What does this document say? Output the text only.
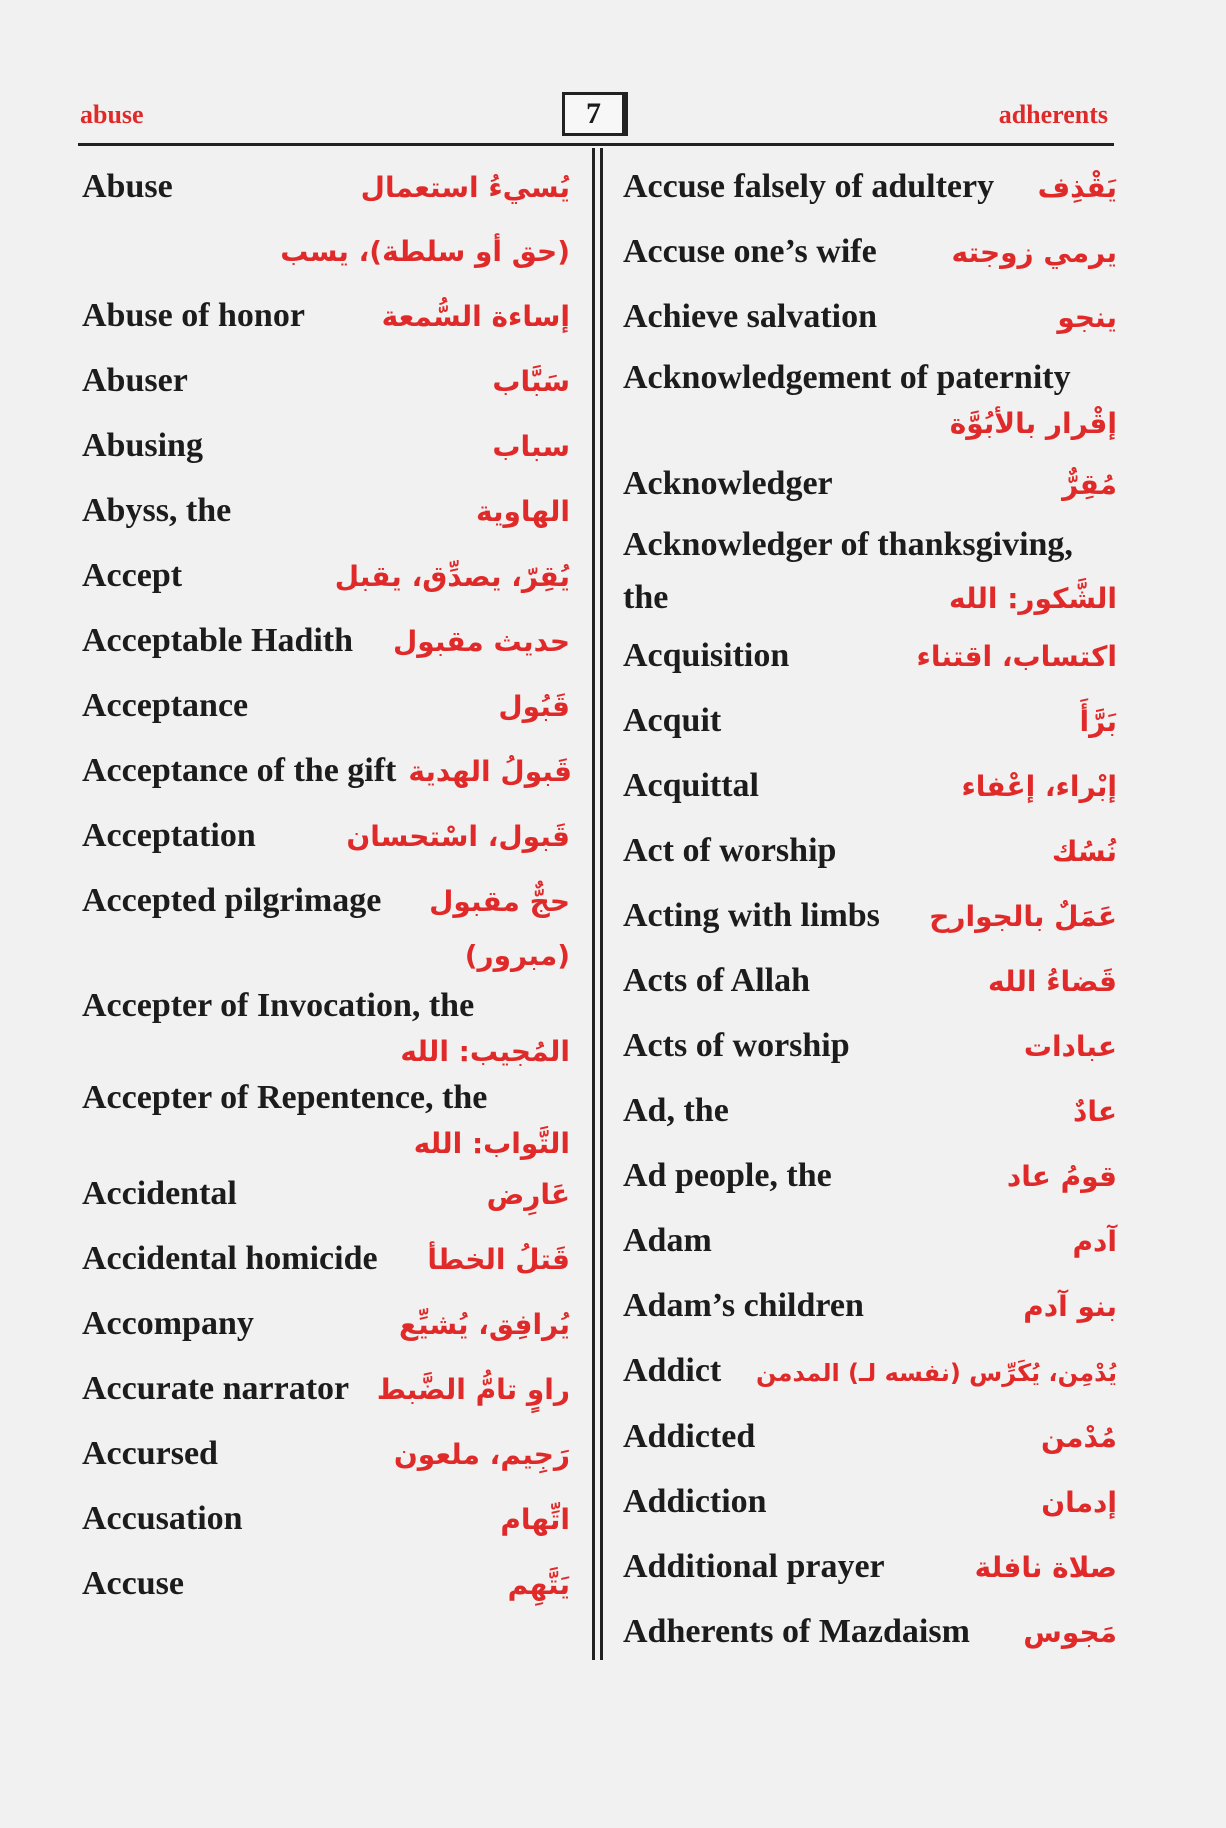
abuse	7	adherents
Abuse	يُسيءُ استعمال
(حق أو سلطة)، يسب
Abuse of honor	إساءة السُّمعة
Abuser	سَبَّاب
Abusing	سباب
Abyss, the	الهاوية
Accept	يُقِرّ، يصدِّق، يقبل
Acceptable Hadith حديث مقبول
Acceptance	قَبُول
Acceptance of the gift قَبولُ الهدية
Acceptation	قَبول، اسْتحسان
Accepted pilgrimage حجٌّ مقبول
(مبرور)
Accepter of Invocation, the
المُجيب: الله
Accepter of Repentence, the
التَّواب: الله
Accidental	عَارِض
Accidental homicide قَتلُ الخطأ
Accompany	يُرافِق، يُشيِّع
Accurate narrator راوٍ تامُّ الضَّبط
Accursed	رَجِيم، ملعون
Accusation	اتِّهام
Accuse	يَتَّهِم
Accuse falsely of adultery يَقْذِف
Accuse one’s wife	يرمي زوجته
Achieve salvation	ينجو
Acknowledgement of paternity
إقْرار بالأبُوَّة
Acknowledger	مُقِرٌّ
Acknowledger of thanksgiving,
the	الشَّكور: الله
Acquisition	اكتساب، اقتناء
Acquit	بَرَّأَ
Acquittal	إبْراء، إعْفاء
Act of worship	نُسُك
Acting with limbs عَمَلٌ بالجوارح
Acts of Allah	قَضاءُ الله
Acts of worship	عبادات
Ad, the	عادٌ
Ad people, the	قومُ عاد
Adam	آدم
Adam’s children	بنو آدم
Addict يُدْمِن، يُكَرِّس (نفسه لـ) المدمن
Addicted	مُدْمن
Addiction	إدمان
Additional prayer	صلاة نافلة
Adherents of Mazdaism مَجوس
